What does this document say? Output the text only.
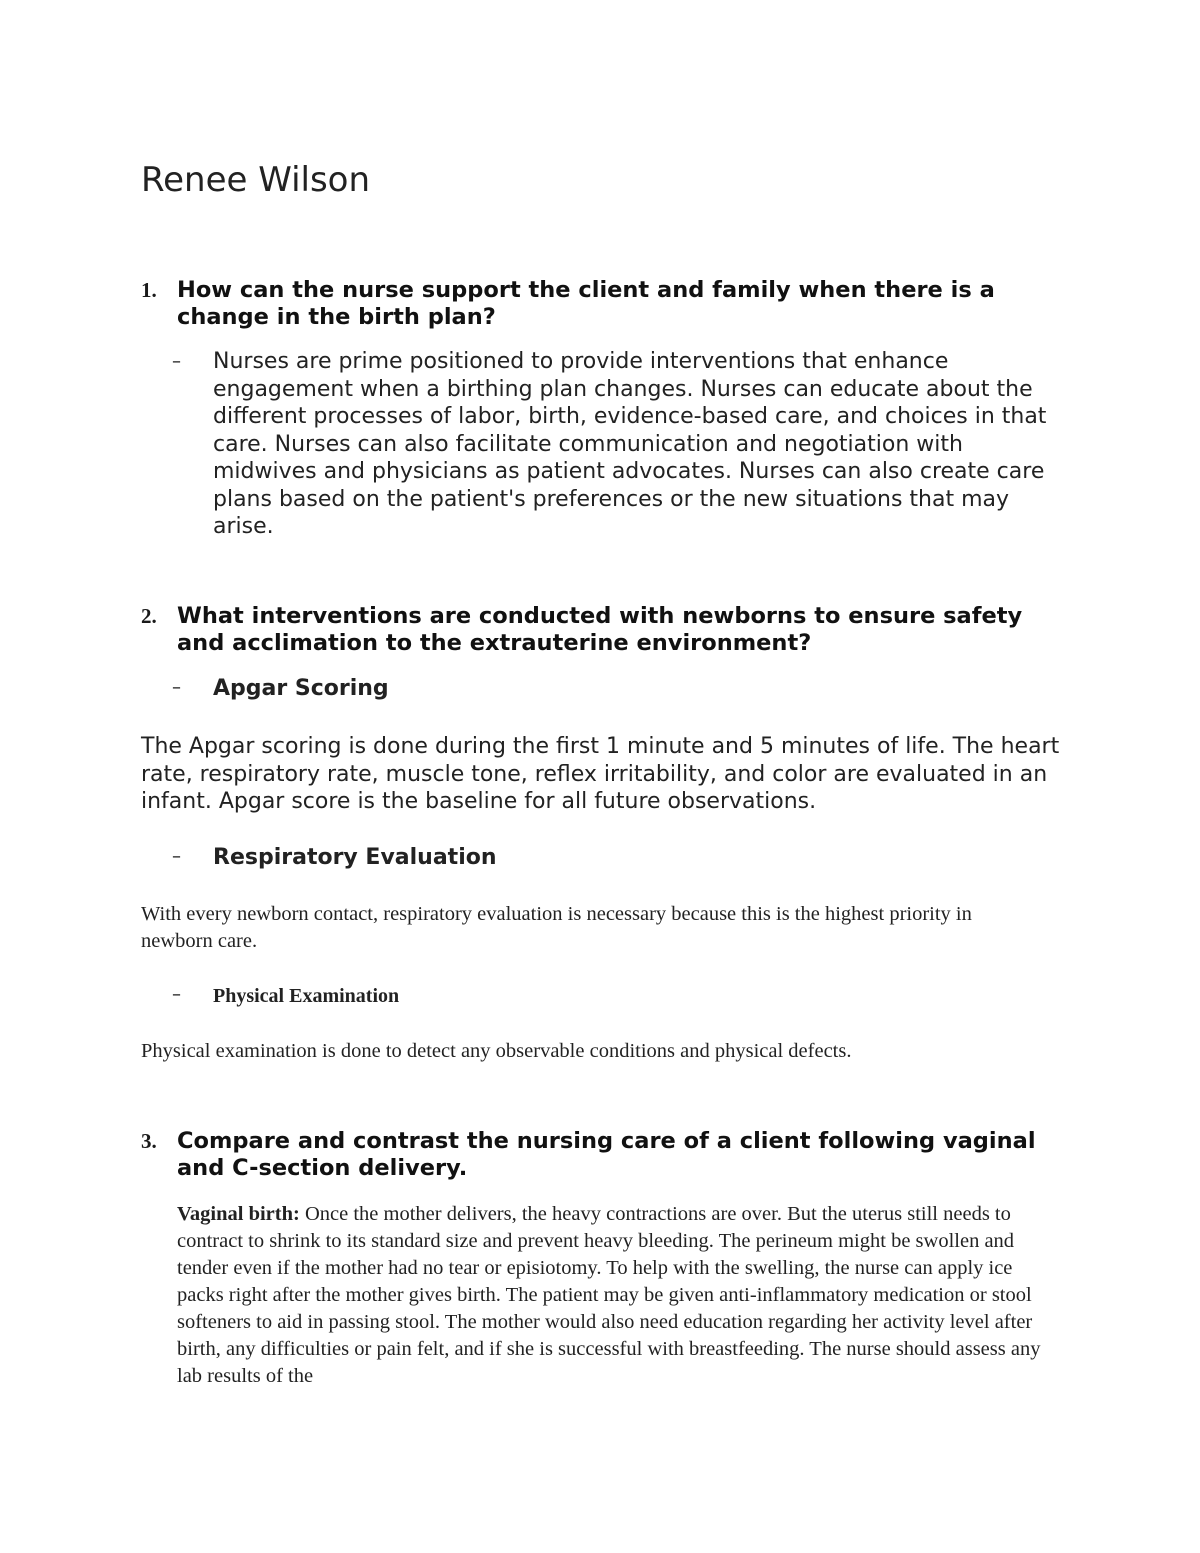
Renee Wilson
1. How can the nurse support the client and family when there is a change in the birth plan?

– Nurses are prime positioned to provide interventions that enhance engagement when a birthing plan changes. Nurses can educate about the different processes of labor, birth, evidence-based care, and choices in that care. Nurses can also facilitate communication and negotiation with midwives and physicians as patient advocates. Nurses can also create care plans based on the patient's preferences or the new situations that may arise.

2. What interventions are conducted with newborns to ensure safety and acclimation to the extrauterine environment?

– Apgar Scoring

The Apgar scoring is done during the first 1 minute and 5 minutes of life. The heart rate, respiratory rate, muscle tone, reflex irritability, and color are evaluated in an infant. Apgar score is the baseline for all future observations.

– Respiratory Evaluation

With every newborn contact, respiratory evaluation is necessary because this is the highest priority in newborn care.

– Physical Examination

Physical examination is done to detect any observable conditions and physical defects.

3. Compare and contrast the nursing care of a client following vaginal and C-section delivery.

Vaginal birth: Once the mother delivers, the heavy contractions are over. But the uterus still needs to contract to shrink to its standard size and prevent heavy bleeding. The perineum might be swollen and tender even if the mother had no tear or episiotomy. To help with the swelling, the nurse can apply ice packs right after the mother gives birth. The patient may be given anti-inflammatory medication or stool softeners to aid in passing stool. The mother would also need education regarding her activity level after birth, any difficulties or pain felt, and if she is successful with breastfeeding. The nurse should assess any lab results of the
